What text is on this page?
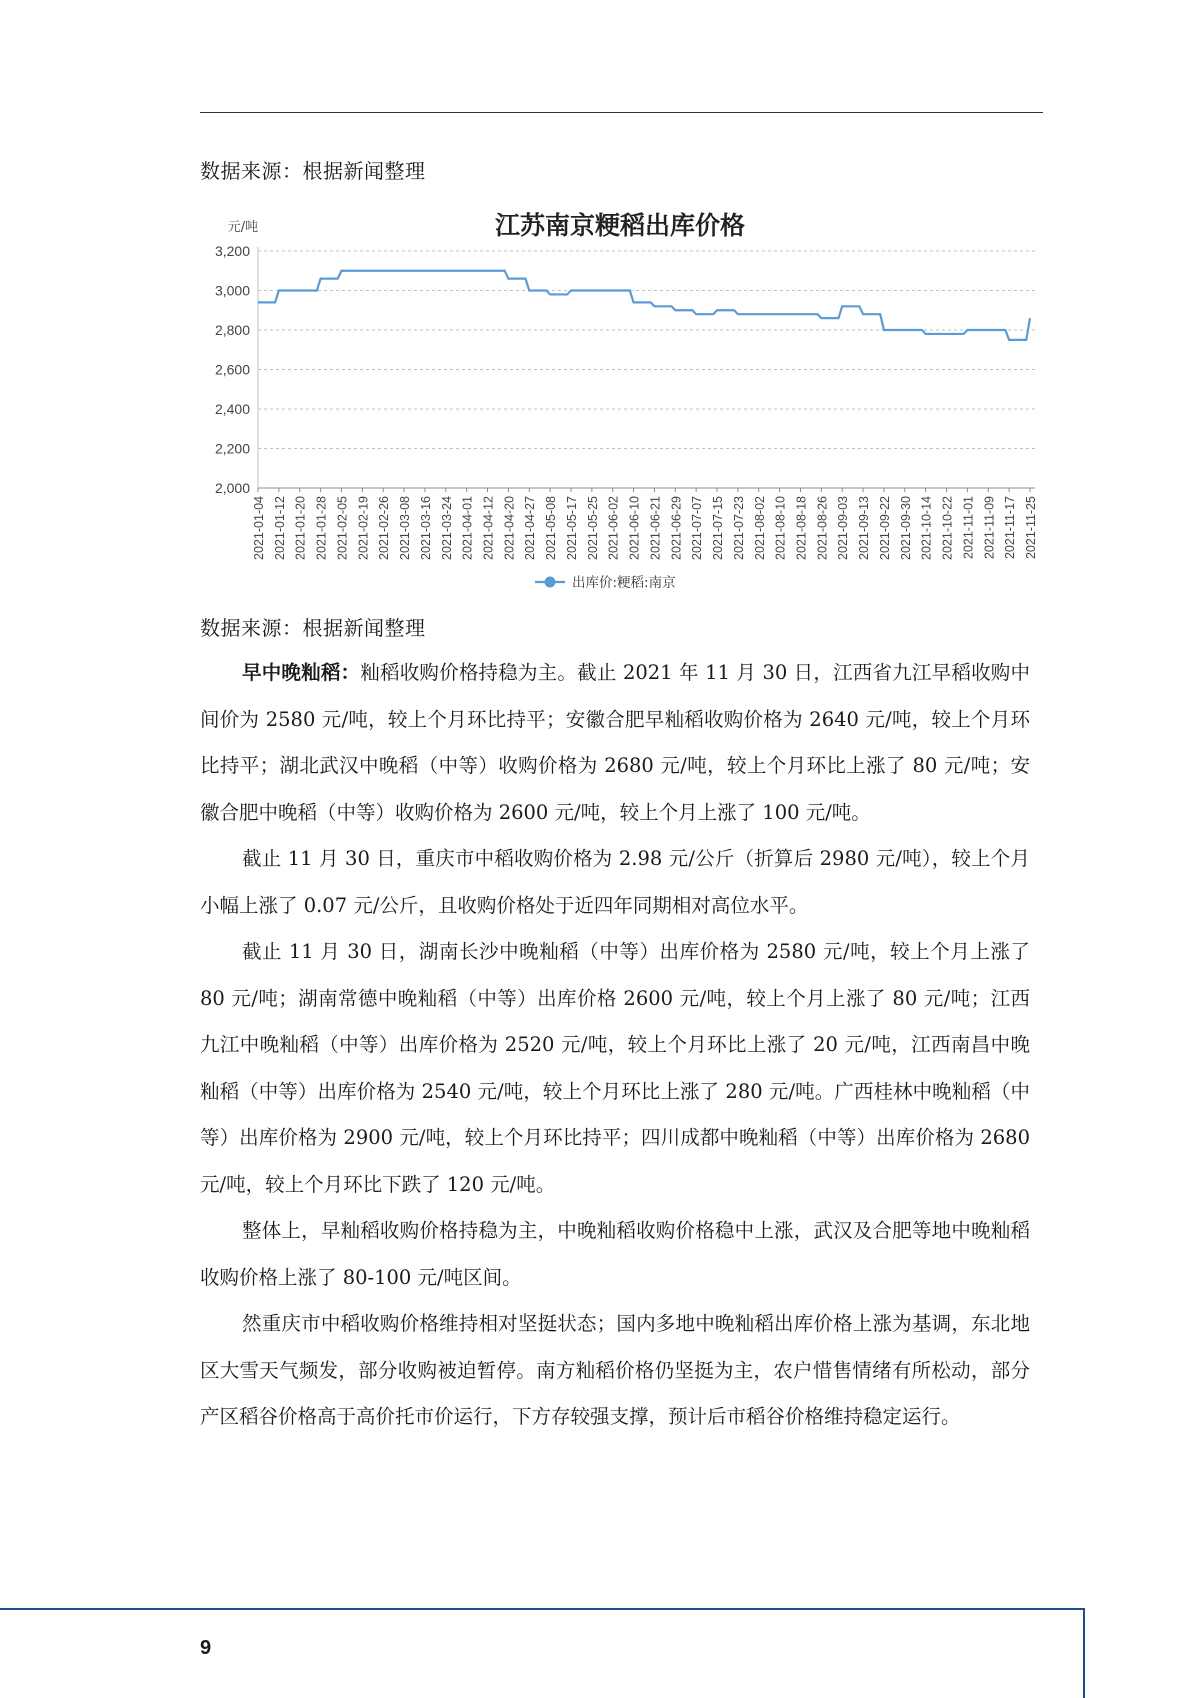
数据来源：根据新闻整理
江苏南京粳稻出库价格
元/吨
3,200
3,000
2,800
2,600
2,400
2,200
2,000
2021-01-04 2021-01-12 2021-01-20 2021-01-28 2021-02-05 2021-02-19 2021-02-26 2021-03-08 2021-03-16 2021-03-24 2021-04-01 2021-04-12 2021-04-20 2021-04-27 2021-05-08 2021-05-17 2021-05-25 2021-06-02 2021-06-10 2021-06-21 2021-06-29 2021-07-07 2021-07-15 2021-07-23 2021-08-02 2021-08-10 2021-08-18 2021-08-26 2021-09-03 2021-09-13 2021-09-22 2021-09-30 2021-10-14 2021-10-22 2021-11-01 2021-11-09 2021-11-17 2021-11-25
出库价:粳稻:南京
数据来源：根据新闻整理

早中晚籼稻：籼稻收购价格持稳为主。截止 2021 年 11 月 30 日，江西省九江早稻收购中间价为 2580 元/吨，较上个月环比持平；安徽合肥早籼稻收购价格为 2640 元/吨，较上个月环比持平；湖北武汉中晚稻（中等）收购价格为 2680 元/吨，较上个月环比上涨了 80 元/吨；安徽合肥中晚稻（中等）收购价格为 2600 元/吨，较上个月上涨了 100 元/吨。

截止 11 月 30 日，重庆市中稻收购价格为 2.98 元/公斤（折算后 2980 元/吨），较上个月小幅上涨了 0.07 元/公斤，且收购价格处于近四年同期相对高位水平。

截止 11 月 30 日，湖南长沙中晚籼稻（中等）出库价格为 2580 元/吨，较上个月上涨了 80 元/吨；湖南常德中晚籼稻（中等）出库价格 2600 元/吨，较上个月上涨了 80 元/吨；江西九江中晚籼稻（中等）出库价格为 2520 元/吨，较上个月环比上涨了 20 元/吨，江西南昌中晚籼稻（中等）出库价格为 2540 元/吨，较上个月环比上涨了 280 元/吨。广西桂林中晚籼稻（中等）出库价格为 2900 元/吨，较上个月环比持平；四川成都中晚籼稻（中等）出库价格为 2680 元/吨，较上个月环比下跌了 120 元/吨。

整体上，早籼稻收购价格持稳为主，中晚籼稻收购价格稳中上涨，武汉及合肥等地中晚籼稻收购价格上涨了 80-100 元/吨区间。

然重庆市中稻收购价格维持相对坚挺状态；国内多地中晚籼稻出库价格上涨为基调，东北地区大雪天气频发，部分收购被迫暂停。南方籼稻价格仍坚挺为主，农户惜售情绪有所松动，部分产区稻谷价格高于高价托市价运行，下方存较强支撑，预计后市稻谷价格维持稳定运行。

9
